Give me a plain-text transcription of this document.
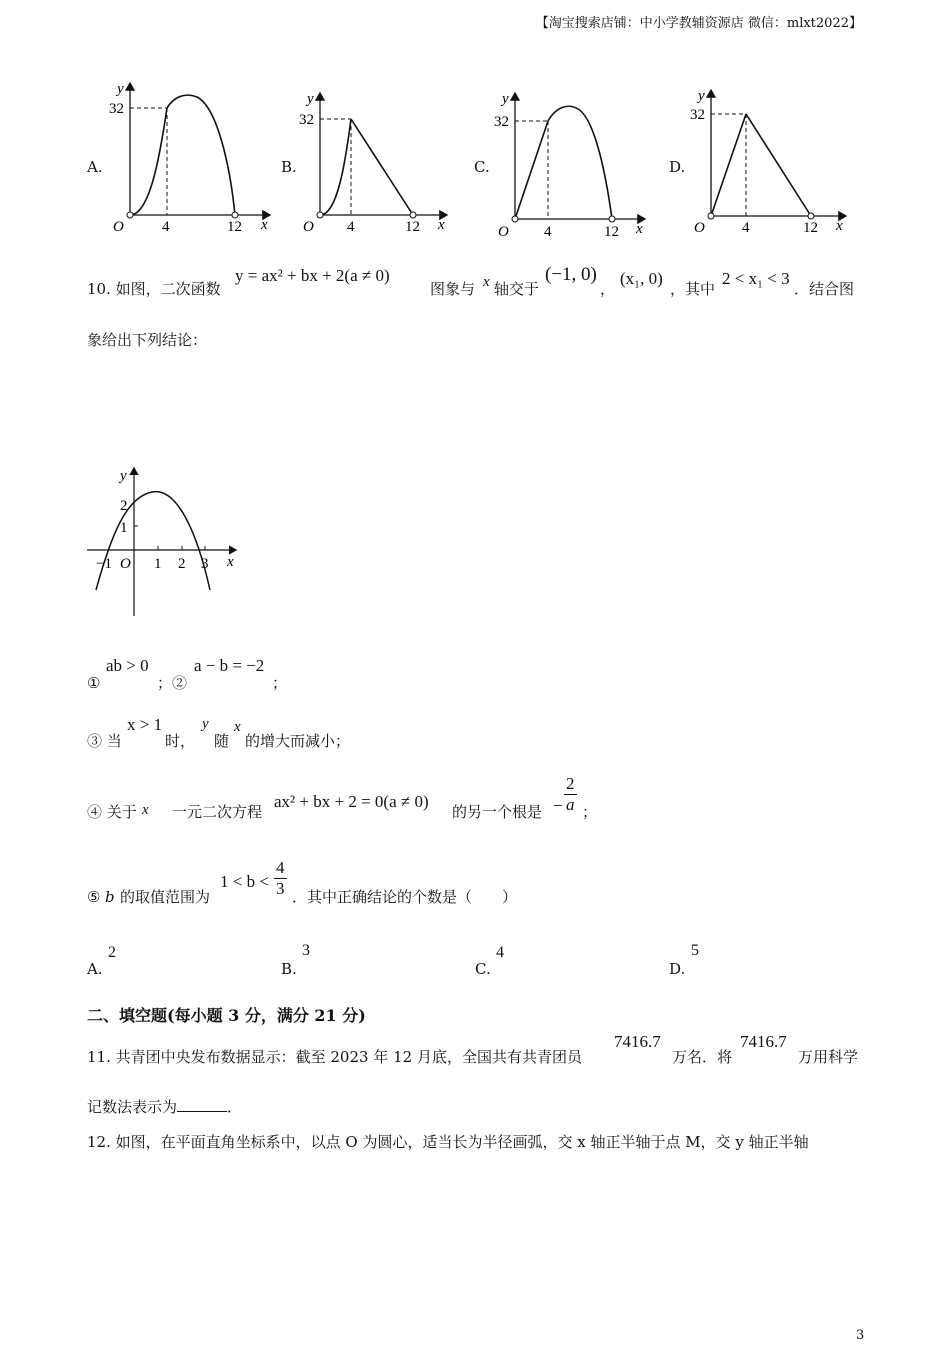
【淘宝搜索店铺：中小学教辅资源店 微信：mlxt2022】
A.
y
32
O	4	12 x
B.
y
32
O 4	12 x
C.
y
32
O 4	12 x
D.
y
32
O 4	12 x
10. 如图，二次函数
y = ax² + bx + 2(a ≠ 0)
图象与 x 轴交于
(−1, 0)
，
(x₁, 0)
，其中
2 < x₁ < 3
．结合图
象给出下列结论：
y
2
1
−1 O 1 2 3 x
①
ab > 0
；②
a − b = −2
；
③ 当
x > 1
时，
y
随
x
的增大而减小；
④ 关于 x 一元二次方程
ax² + bx + 2 = 0(a ≠ 0)
的另一个根是 − $\frac{2}{a}$ ；
⑤ b 的取值范围为
$1 < b < \frac{4}{3}$ ．其中正确结论的个数是（　　）
A.
2
B.
3
C.
4
D.
5
二、填空题(每小题 3 分，满分 21 分)
11. 共青团中央发布数据显示：截至 2023 年 12 月底，全国共有共青团员
7416.7
万名．将
7416.7
万用科学
记数法表示为	．
12. 如图，在平面直角坐标系中，以点 O 为圆心，适当长为半径画弧，交 x 轴正半轴于点 M，交 y 轴正半轴
3
